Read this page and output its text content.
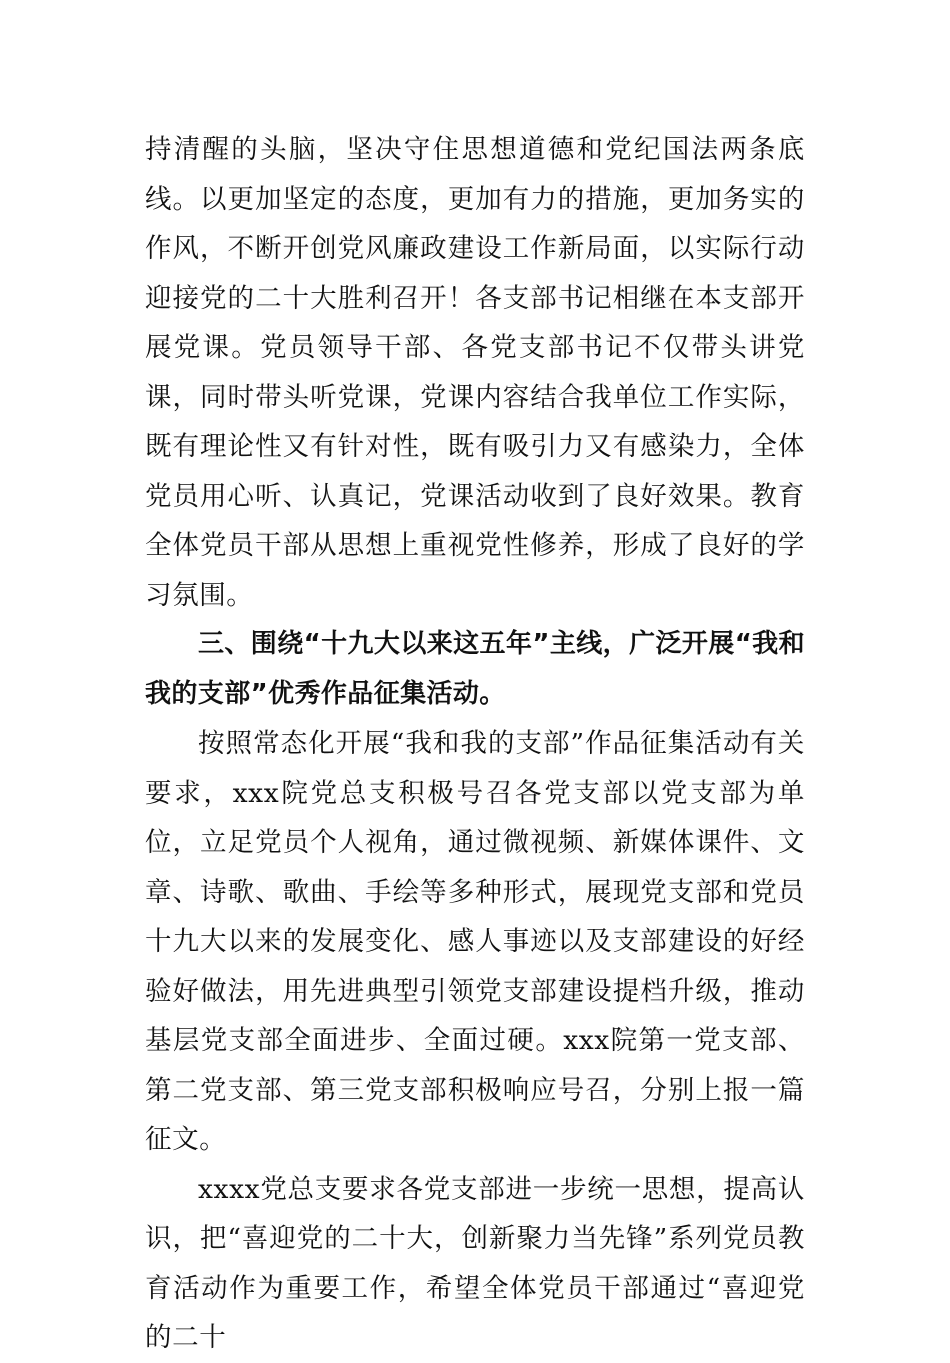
持清醒的头脑，坚决守住思想道德和党纪国法两条底线。以更加坚定的态度，更加有力的措施，更加务实的作风，不断开创党风廉政建设工作新局面，以实际行动迎接党的二十大胜利召开！各支部书记相继在本支部开展党课。党员领导干部、各党支部书记不仅带头讲党课，同时带头听党课，党课内容结合我单位工作实际，既有理论性又有针对性，既有吸引力又有感染力，全体党员用心听、认真记，党课活动收到了良好效果。教育全体党员干部从思想上重视党性修养，形成了良好的学习氛围。

三、围绕“十九大以来这五年”主线，广泛开展“我和我的支部”优秀作品征集活动。

按照常态化开展“我和我的支部”作品征集活动有关要求，xxx院党总支积极号召各党支部以党支部为单位，立足党员个人视角，通过微视频、新媒体课件、文章、诗歌、歌曲、手绘等多种形式，展现党支部和党员十九大以来的发展变化、感人事迹以及支部建设的好经验好做法，用先进典型引领党支部建设提档升级，推动基层党支部全面进步、全面过硬。xxx院第一党支部、第二党支部、第三党支部积极响应号召，分别上报一篇征文。

xxxx党总支要求各党支部进一步统一思想，提高认识，把“喜迎党的二十大，创新聚力当先锋”系列党员教育活动作为重要工作，希望全体党员干部通过“喜迎党的二十
